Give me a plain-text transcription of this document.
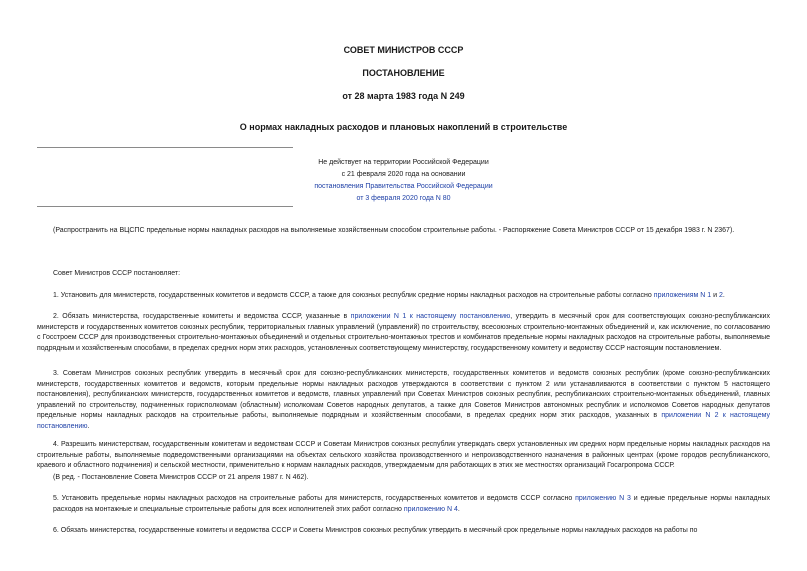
СОВЕТ МИНИСТРОВ СССР
ПОСТАНОВЛЕНИЕ
от 28 марта 1983 года N 249
О нормах накладных расходов и плановых накоплений в строительстве
Не действует на территории Российской Федерации
с 21 февраля 2020 года на основании
постановления Правительства Российской Федерации
от 3 февраля 2020 года N 80
(Распространить на ВЦСПС предельные нормы накладных расходов на выполняемые хозяйственным способом строительные работы. - Распоряжение Совета Министров СССР от 15 декабря 1983 г. N 2367).
Совет Министров СССР постановляет:
1. Установить для министерств, государственных комитетов и ведомств СССР, а также для союзных республик средние нормы накладных расходов на строительные работы согласно приложениям N 1 и 2.
2. Обязать министерства, государственные комитеты и ведомства СССР, указанные в приложении N 1 к настоящему постановлению, утвердить в месячный срок для соответствующих союзно-республиканских министерств и государственных комитетов союзных республик, территориальных главных управлений (управлений) по строительству, всесоюзных строительно-монтажных объединений и, как исключение, по согласованию с Госстроем СССР для производственных строительно-монтажных объединений и отдельных строительно-монтажных трестов и комбинатов предельные нормы накладных расходов на строительные работы, выполняемые подрядным и хозяйственным способами, в пределах средних норм этих расходов, установленных соответствующему министерству, государственному комитету и ведомству СССР настоящим постановлением.
3. Советам Министров союзных республик утвердить в месячный срок для союзно-республиканских министерств, государственных комитетов и ведомств союзных республик (кроме союзно-республиканских министерств, государственных комитетов и ведомств, которым предельные нормы накладных расходов утверждаются в соответствии с пунктом 2 или устанавливаются в соответствии с пунктом 5 настоящего постановления), республиканских министерств, государственных комитетов и ведомств, главных управлений при Советах Министров союзных республик, республиканских строительно-монтажных объединений, главных управлений по строительству, подчиненных горисполкомам (областным) исполкомам Советов народных депутатов, а также для Советов Министров автономных республик и исполкомов Советов народных депутатов предельные нормы накладных расходов на строительные работы, выполняемые подрядным и хозяйственным способами, в пределах средних норм этих расходов, указанных в приложении N 2 к настоящему постановлению.
4. Разрешить министерствам, государственным комитетам и ведомствам СССР и Советам Министров союзных республик утверждать сверх установленных им средних норм предельные нормы накладных расходов на строительные работы, выполняемые подведомственными организациями на объектах сельского хозяйства производственного и непроизводственного назначения в районных центрах (кроме городов республиканского, краевого и областного подчинения) и сельской местности, применительно к нормам накладных расходов, утверждаемым для работающих в этих же местностях организаций Госагропрома СССР.
(В ред. - Постановление Совета Министров СССР от 21 апреля 1987 г. N 462).
5. Установить предельные нормы накладных расходов на строительные работы для министерств, государственных комитетов и ведомств СССР согласно приложению N 3 и единые предельные нормы накладных расходов на монтажные и специальные строительные работы для всех исполнителей этих работ согласно приложению N 4.
6. Обязать министерства, государственные комитеты и ведомства СССР и Советы Министров союзных республик утвердить в месячный срок предельные нормы накладных расходов на работы по
